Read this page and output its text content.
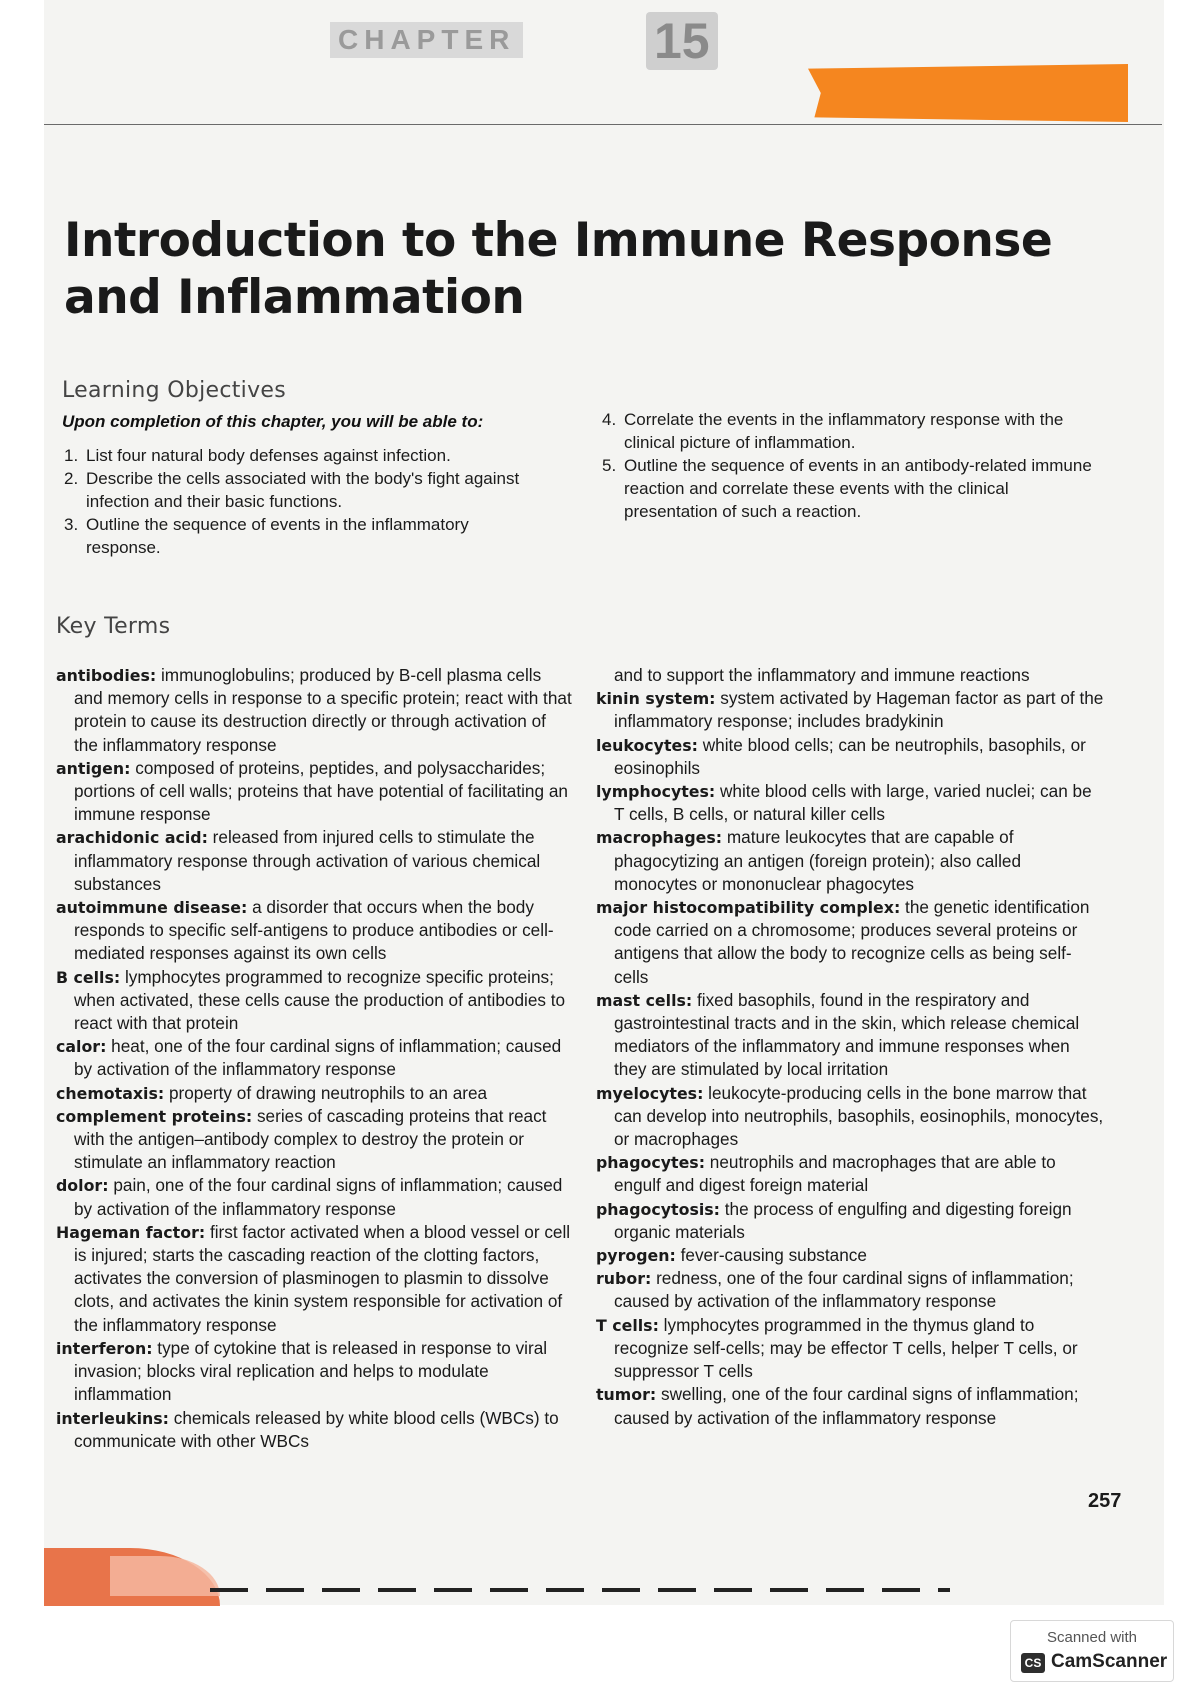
CHAPTER	15
Introduction to the Immune Response
and Inflammation
Learning Objectives
Upon completion of this chapter, you will be able to:
1. List four natural body defenses against infection.
2. Describe the cells associated with the body's fight against infection and their basic functions.
3. Outline the sequence of events in the inflammatory response.
4. Correlate the events in the inflammatory response with the clinical picture of inflammation.
5. Outline the sequence of events in an antibody-related immune reaction and correlate these events with the clinical presentation of such a reaction.
Key Terms
antibodies: immunoglobulins; produced by B-cell plasma cells and memory cells in response to a specific protein; react with that protein to cause its destruction directly or through activation of the inflammatory response
antigen: composed of proteins, peptides, and polysaccharides; portions of cell walls; proteins that have potential of facilitating an immune response
arachidonic acid: released from injured cells to stimulate the inflammatory response through activation of various chemical substances
autoimmune disease: a disorder that occurs when the body responds to specific self-antigens to produce antibodies or cell-mediated responses against its own cells
B cells: lymphocytes programmed to recognize specific proteins; when activated, these cells cause the production of antibodies to react with that protein
calor: heat, one of the four cardinal signs of inflammation; caused by activation of the inflammatory response
chemotaxis: property of drawing neutrophils to an area
complement proteins: series of cascading proteins that react with the antigen–antibody complex to destroy the protein or stimulate an inflammatory reaction
dolor: pain, one of the four cardinal signs of inflammation; caused by activation of the inflammatory response
Hageman factor: first factor activated when a blood vessel or cell is injured; starts the cascading reaction of the clotting factors, activates the conversion of plasminogen to plasmin to dissolve clots, and activates the kinin system responsible for activation of the inflammatory response
interferon: type of cytokine that is released in response to viral invasion; blocks viral replication and helps to modulate inflammation
interleukins: chemicals released by white blood cells (WBCs) to communicate with other WBCs
and to support the inflammatory and immune reactions
kinin system: system activated by Hageman factor as part of the inflammatory response; includes bradykinin
leukocytes: white blood cells; can be neutrophils, basophils, or eosinophils
lymphocytes: white blood cells with large, varied nuclei; can be T cells, B cells, or natural killer cells
macrophages: mature leukocytes that are capable of phagocytizing an antigen (foreign protein); also called monocytes or mononuclear phagocytes
major histocompatibility complex: the genetic identification code carried on a chromosome; produces several proteins or antigens that allow the body to recognize cells as being self-cells
mast cells: fixed basophils, found in the respiratory and gastrointestinal tracts and in the skin, which release chemical mediators of the inflammatory and immune responses when they are stimulated by local irritation
myelocytes: leukocyte-producing cells in the bone marrow that can develop into neutrophils, basophils, eosinophils, monocytes, or macrophages
phagocytes: neutrophils and macrophages that are able to engulf and digest foreign material
phagocytosis: the process of engulfing and digesting foreign organic materials
pyrogen: fever-causing substance
rubor: redness, one of the four cardinal signs of inflammation; caused by activation of the inflammatory response
T cells: lymphocytes programmed in the thymus gland to recognize self-cells; may be effector T cells, helper T cells, or suppressor T cells
tumor: swelling, one of the four cardinal signs of inflammation; caused by activation of the inflammatory response
257
Scanned with
CS CamScanner
